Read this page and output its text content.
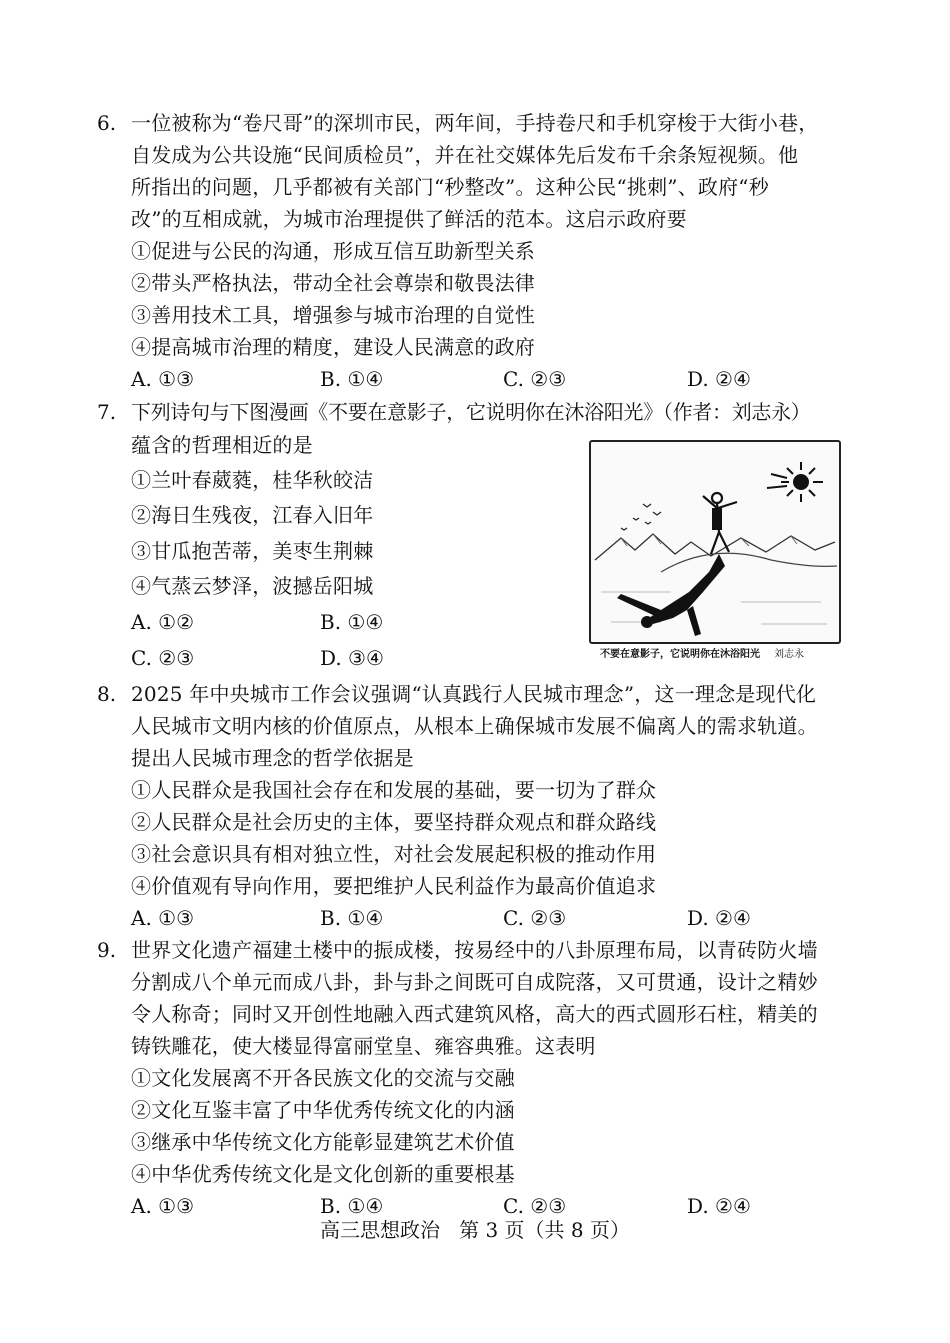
6. 一位被称为“卷尺哥”的深圳市民，两年间，手持卷尺和手机穿梭于大街小巷，
自发成为公共设施“民间质检员”，并在社交媒体先后发布千余条短视频。他
所指出的问题，几乎都被有关部门“秒整改”。这种公民“挑刺”、政府“秒
改”的互相成就，为城市治理提供了鲜活的范本。这启示政府要
①促进与公民的沟通，形成互信互助新型关系
②带头严格执法，带动全社会尊崇和敬畏法律
③善用技术工具，增强参与城市治理的自觉性
④提高城市治理的精度，建设人民满意的政府
A. ①③	B. ①④	C. ②③	D. ②④
7. 下列诗句与下图漫画《不要在意影子，它说明你在沐浴阳光》（作者：刘志永）
蕴含的哲理相近的是
①兰叶春葳蕤，桂华秋皎洁
②海日生残夜，江春入旧年
③甘瓜抱苦蒂，美枣生荆棘
④气蒸云梦泽，波撼岳阳城
A. ①②	B. ①④
C. ②③	D. ③④	不要在意影子，它说明你在沐浴阳光 刘志永
8. 2025 年中央城市工作会议强调“认真践行人民城市理念”，这一理念是现代化
人民城市文明内核的价值原点，从根本上确保城市发展不偏离人的需求轨道。
提出人民城市理念的哲学依据是
①人民群众是我国社会存在和发展的基础，要一切为了群众
②人民群众是社会历史的主体，要坚持群众观点和群众路线
③社会意识具有相对独立性，对社会发展起积极的推动作用
④价值观有导向作用，要把维护人民利益作为最高价值追求
A. ①③	B. ①④	C. ②③	D. ②④
9. 世界文化遗产福建土楼中的振成楼，按易经中的八卦原理布局，以青砖防火墙
分割成八个单元而成八卦，卦与卦之间既可自成院落，又可贯通，设计之精妙
令人称奇；同时又开创性地融入西式建筑风格，高大的西式圆形石柱，精美的
铸铁雕花，使大楼显得富丽堂皇、雍容典雅。这表明
①文化发展离不开各民族文化的交流与交融
②文化互鉴丰富了中华优秀传统文化的内涵
③继承中华传统文化方能彰显建筑艺术价值
④中华优秀传统文化是文化创新的重要根基
A. ①③	B. ①④	C. ②③	D. ②④
高三思想政治   第 3 页（共 8 页）
